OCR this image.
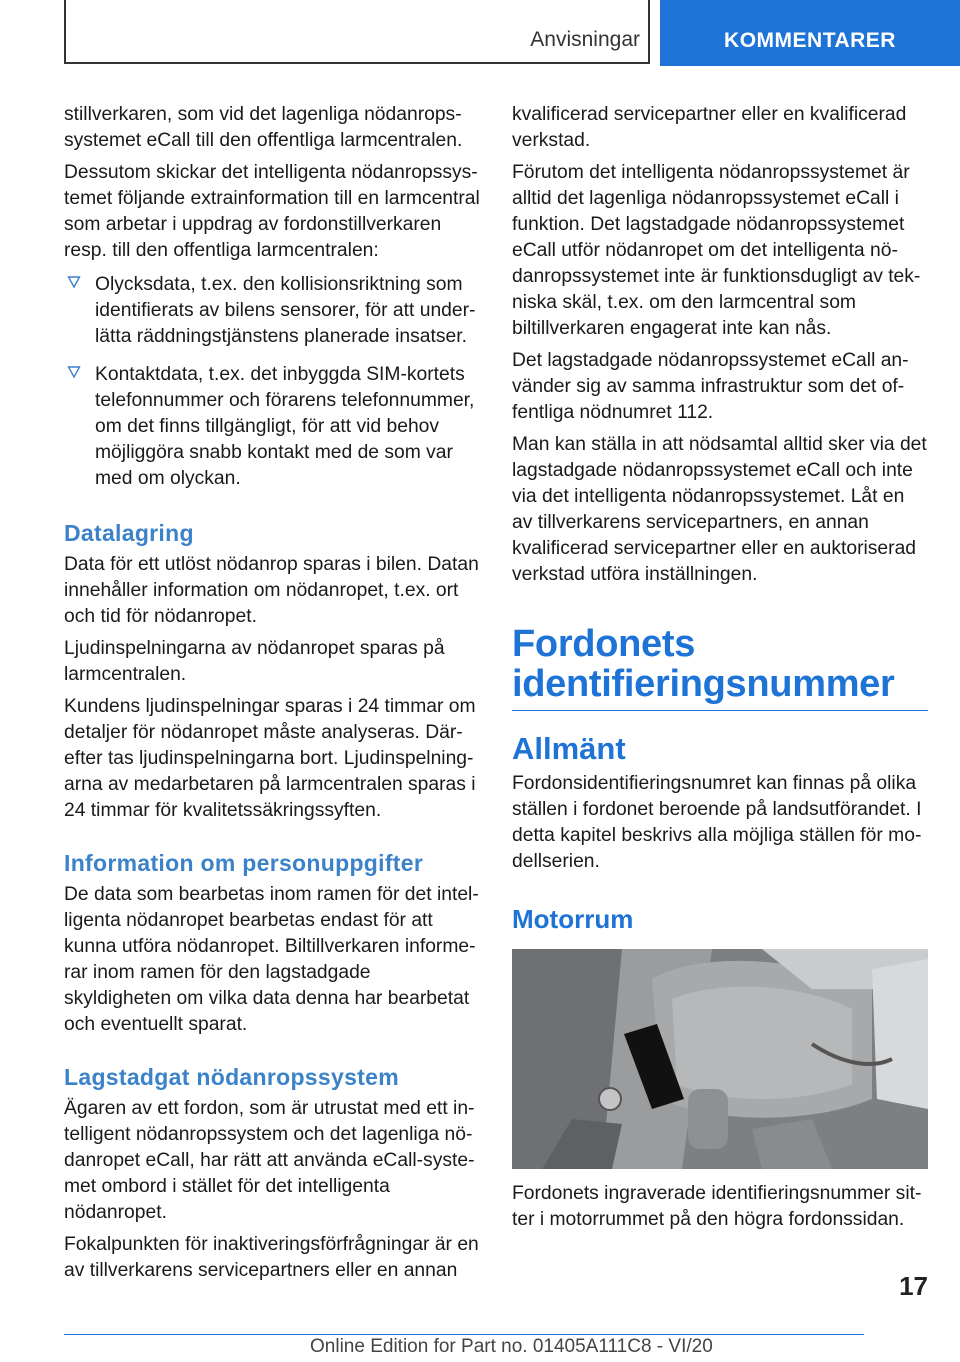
Anvisningar	KOMMENTARER

stillverkaren, som vid det lagenliga nödanropssystemet eCall till den offentliga larmcentralen.

Dessutom skickar det intelligenta nödanropssystemet följande extrainformation till en larmcentral som arbetar i uppdrag av fordonstillverkaren resp. till den offentliga larmcentralen:

Olycksdata, t.ex. den kollisionsriktning som identifierats av bilens sensorer, för att underlätta räddningstjänstens planerade insatser.
Kontaktdata, t.ex. det inbyggda SIM-kortets telefonnummer och förarens telefonnummer, om det finns tillgängligt, för att vid behov möjliggöra snabb kontakt med de som var med om olyckan.
Datalagring

Data för ett utlöst nödanrop sparas i bilen. Datan innehåller information om nödanropet, t.ex. ort och tid för nödanropet.

Ljudinspelningarna av nödanropet sparas på larmcentralen.

Kundens ljudinspelningar sparas i 24 timmar om detaljer för nödanropet måste analyseras. Därefter tas ljudinspelningarna bort. Ljudinspelningarna av medarbetaren på larmcentralen sparas i 24 timmar för kvalitetssäkringssyften.

Information om personuppgifter

De data som bearbetas inom ramen för det intelligenta nödanropet bearbetas endast för att kunna utföra nödanropet. Biltillverkaren informerar inom ramen för den lagstadgade skyldigheten om vilka data denna har bearbetat och eventuellt sparat.

Lagstadgat nödanropssystem

Ägaren av ett fordon, som är utrustat med ett intelligent nödanropssystem och det lagenliga nödanropet eCall, har rätt att använda eCall-systemet ombord i stället för det intelligenta nödanropet.

Fokalpunkten för inaktiveringsförfrågningar är en av tillverkarens servicepartners eller en annan

kvalificerad servicepartner eller en kvalificerad verkstad.

Förutom det intelligenta nödanropssystemet är alltid det lagenliga nödanropssystemet eCall i funktion. Det lagstadgade nödanropssystemet eCall utför nödanropet om det intelligenta nödanropssystemet inte är funktionsdugligt av tekniska skäl, t.ex. om den larmcentral som biltillverkaren engagerat inte kan nås.

Det lagstadgade nödanropssystemet eCall använder sig av samma infrastruktur som det offentliga nödnumret 112.

Man kan ställa in att nödsamtal alltid sker via det lagstadgade nödanropssystemet eCall och inte via det intelligenta nödanropssystemet. Låt en av tillverkarens servicepartners, en annan kvalificerad servicepartner eller en auktoriserad verkstad utföra inställningen.

Fordonets identifieringsnummer
Allmänt

Fordonsidentifieringsnumret kan finnas på olika ställen i fordonet beroende på landsutförandet. I detta kapitel beskrivs alla möjliga ställen för modellserien.

Motorrum

Fordonets ingraverade identifieringsnummer sitter i motorrummet på den högra fordonssidan.

17
Online Edition for Part no. 01405A111C8 - VI/20
